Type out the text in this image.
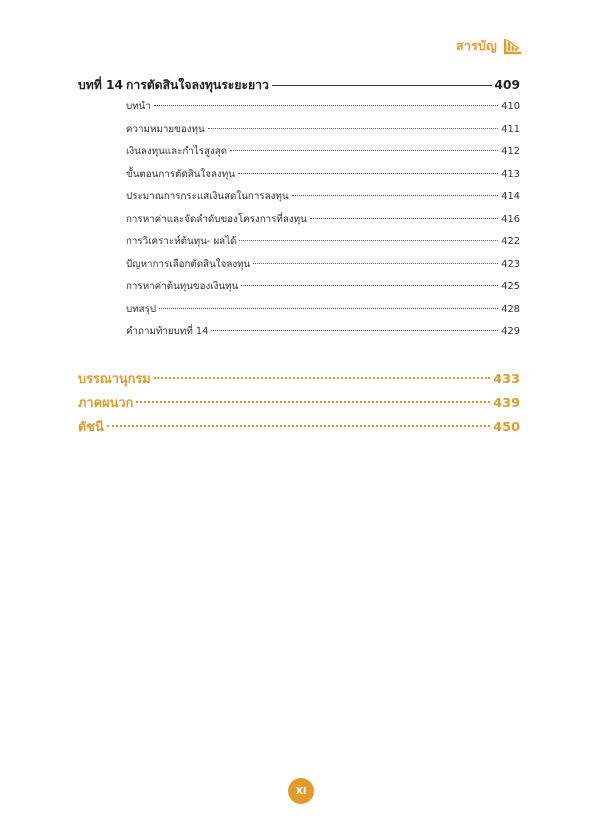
สารบัญ
บทที่ 14 การตัดสินใจลงทุนระยะยาว	409
บทนำ	410
ความหมายของทุน	411
เงินลงทุนและกำไรสูงสุด	412
ขั้นตอนการตัดสินใจลงทุน	413
ประมาณการกระแสเงินสดในการลงทุน	414
การหาค่าและจัดลำดับของโครงการที่ลงทุน	416
การวิเคราะห์ต้นทุน- ผลได้	422
ปัญหาการเลือกตัดสินใจลงทุน	423
การหาค่าต้นทุนของเงินทุน	425
บทสรุป	428
คำถามท้ายบทที่ 14	429
บรรณานุกรม	433
ภาคผนวก	439
ดัชนี	450
XI
